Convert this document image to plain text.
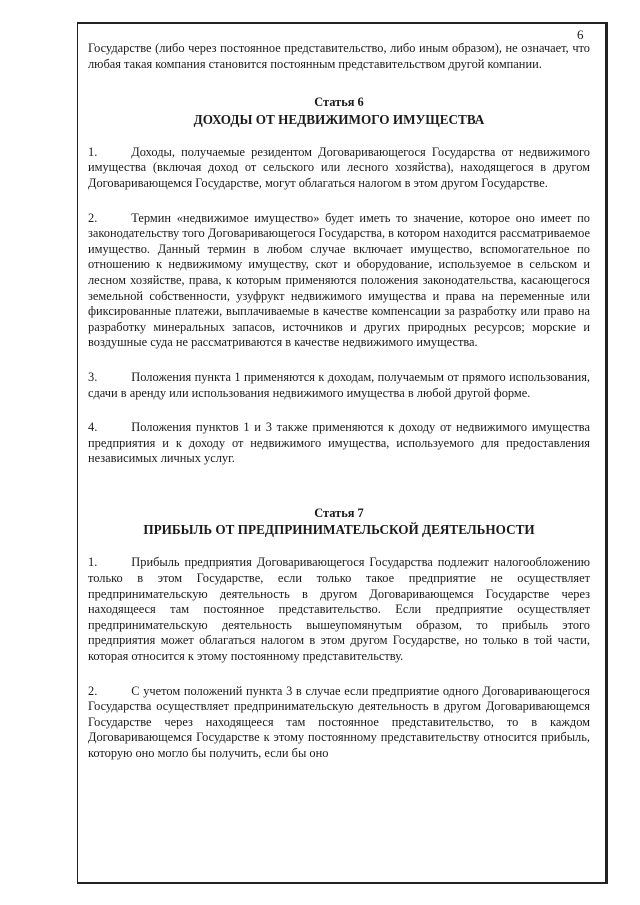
6

Государстве (либо через постоянное представительство, либо иным образом), не означает, что любая такая компания становится постоянным представительством другой компании.

Статья 6

ДОХОДЫ ОТ НЕДВИЖИМОГО ИМУЩЕСТВА

1.	Доходы, получаемые резидентом Договаривающегося Государства от недвижимого имущества (включая доход от сельского или лесного хозяйства), находящегося в другом Договаривающемся Государстве, могут облагаться налогом в этом другом Государстве.

2.	Термин «недвижимое имущество» будет иметь то значение, которое оно имеет по законодательству того Договаривающегося Государства, в котором находится рассматриваемое имущество. Данный термин в любом случае включает имущество, вспомогательное по отношению к недвижимому имуществу, скот и оборудование, используемое в сельском и лесном хозяйстве, права, к которым применяются положения законодательства, касающегося земельной собственности, узуфрукт недвижимого имущества и права на переменные или фиксированные платежи, выплачиваемые в качестве компенсации за разработку или право на разработку минеральных запасов, источников и других природных ресурсов; морские и воздушные суда не рассматриваются в качестве недвижимого имущества.

3.	Положения пункта 1 применяются к доходам, получаемым от прямого использования, сдачи в аренду или использования недвижимого имущества в любой другой форме.

4.	Положения пунктов 1 и 3 также применяются к доходу от недвижимого имущества предприятия и к доходу от недвижимого имущества, используемого для предоставления независимых личных услуг.

Статья 7

ПРИБЫЛЬ ОТ ПРЕДПРИНИМАТЕЛЬСКОЙ ДЕЯТЕЛЬНОСТИ

1.	Прибыль предприятия Договаривающегося Государства подлежит налогообложению только в этом Государстве, если только такое предприятие не осуществляет предпринимательскую деятельность в другом Договаривающемся Государстве через находящееся там постоянное представительство. Если предприятие осуществляет предпринимательскую деятельность вышеупомянутым образом, то прибыль этого предприятия может облагаться налогом в этом другом Государстве, но только в той части, которая относится к этому постоянному представительству.

2.	С учетом положений пункта 3 в случае если предприятие одного Договаривающегося Государства осуществляет предпринимательскую деятельность в другом Договаривающемся Государстве через находящееся там постоянное представительство, то в каждом Договаривающемся Государстве к этому постоянному представительству относится прибыль, которую оно могло бы получить, если бы оно
